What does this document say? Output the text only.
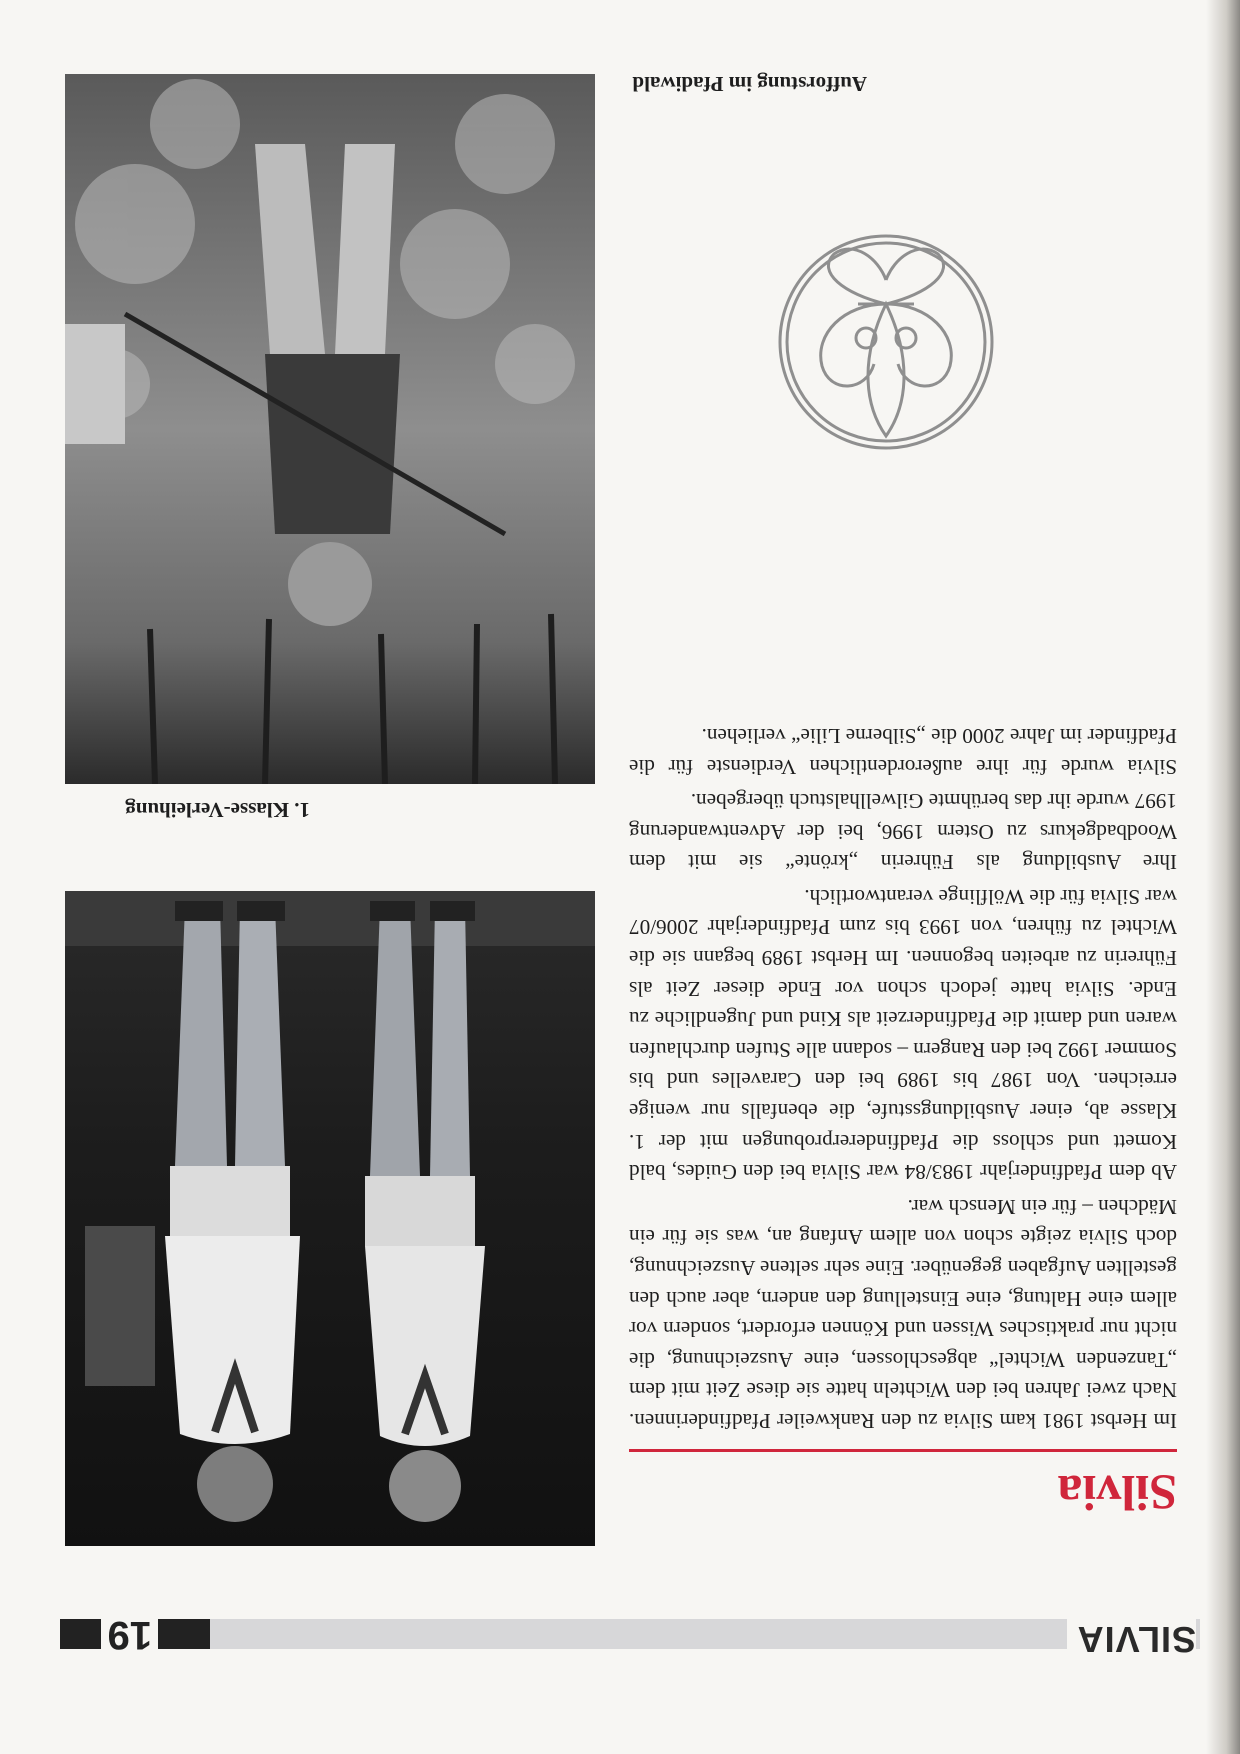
SILVIA
19
Silvia

Im Herbst 1981 kam Silvia zu den Rankweiler Pfadfinderinnen. Nach zwei Jahren bei den Wichteln hatte sie diese Zeit mit dem „Tanzenden Wichtel“ abgeschlossen, eine Auszeichnung, die nicht nur praktisches Wissen und Können erfordert, sondern vor allem eine Haltung, eine Einstellung den andern, aber auch den gestellten Aufgaben gegenüber. Eine sehr seltene Auszeichnung, doch Silvia zeigte schon von allem Anfang an, was sie für ein Mädchen – für ein Mensch war.

Ab dem Pfadfinderjahr 1983/84 war Silvia bei den Guides, bald Komett und schloss die Pfadfindererprobungen mit der 1. Klasse ab, einer Ausbildungsstufe, die ebenfalls nur wenige erreichen. Von 1987 bis 1989 bei den Caravelles und bis Sommer 1992 bei den Rangern – sodann alle Stufen durchlaufen waren und damit die Pfadfinderzeit als Kind und Jugendliche zu Ende. Silvia hatte jedoch schon vor Ende dieser Zeit als Führerin zu arbeiten begonnen. Im Herbst 1989 begann sie die Wichtel zu führen, von 1993 bis zum Pfadfinderjahr 2006/07 war Silvia für die Wölflinge verantwortlich.

Ihre Ausbildung als Führerin „krönte“ sie mit dem Woodbadgekurs zu Ostern 1996, bei der Adventwanderung 1997 wurde ihr das berühmte Gilwellhalstuch übergeben.

Silvia wurde für ihre außerordentlichen Verdienste für die Pfadfinder im Jahre 2000 die „Silberne Lilie“ verliehen.

1. Klasse-Verleihung
Aufforstung im Pfadiwald
